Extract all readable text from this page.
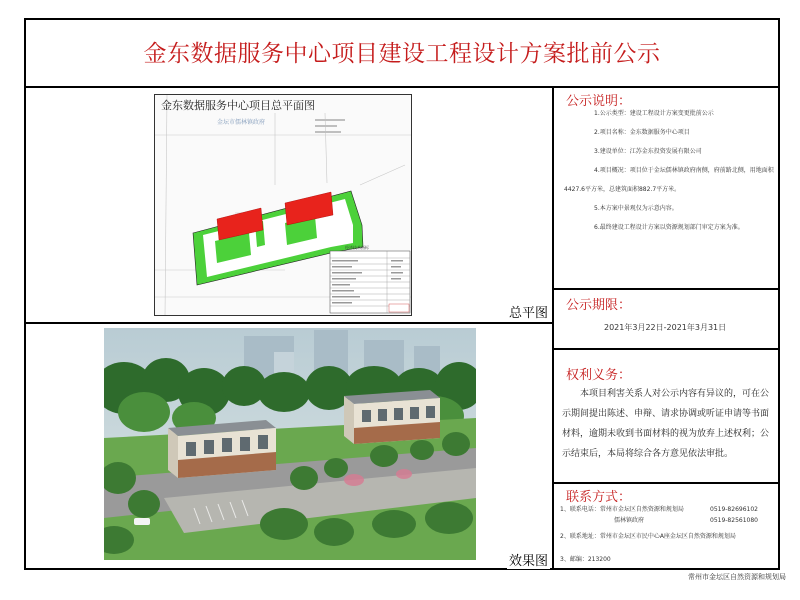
金东数据服务中心项目建设工程设计方案批前公示
金东数据服务中心项目总平面图
金坛市儒林镇政府
经济技术指标
总平图
效果图
公示说明：
1.公示类型：建设工程设计方案变更批前公示
2.项目名称：金东数据服务中心项目
3.建设单位：江苏金东投资发展有限公司
4.项目概况：项目位于金坛儒林镇政府南侧，府前路北侧，用地面积
4427.6平方米，总建筑面积882.7平方米。
5.本方案中景观仅为示意内容。
6.最终建设工程设计方案以资源规划部门审定方案为准。
公示期限：
2021年3月22日-2021年3月31日
权利义务：
本项目利害关系人对公示内容有异议的，可在公示期间提出陈述、申辩、请求协调或听证申请等书面材料，逾期未收到书面材料的视为放弃上述权利；公示结束后，本局将综合各方意见依法审批。
联系方式：
1、联系电话：常州市金坛区自然资源和规划局	0519-82696102
儒林镇政府	0519-82561080
2、联系地址：常州市金坛区市民中心A座金坛区自然资源和规划局
3、邮编：213200
常州市金坛区自然资源和规划局
